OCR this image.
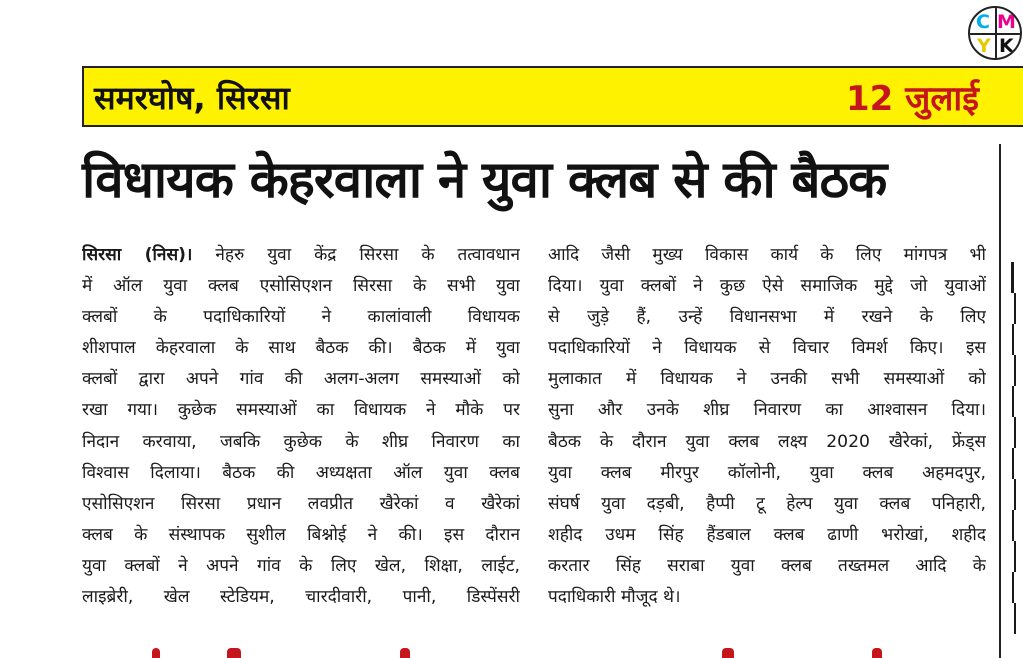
C M
Y K
समरघोष, सिरसा	12 जुलाई
विधायक केहरवाला ने युवा क्लब से की बैठक
सिरसा (निस)। नेहरु युवा केंद्र सिरसा के तत्वावधान
में ऑल युवा क्लब एसोसिएशन सिरसा के सभी युवा
क्लबों के पदाधिकारियों ने कालांवाली विधायक
शीशपाल केहरवाला के साथ बैठक की। बैठक में युवा
क्लबों द्वारा अपने गांव की अलग-अलग समस्याओं को
रखा गया। कुछेक समस्याओं का विधायक ने मौके पर
निदान करवाया, जबकि कुछेक के शीघ्र निवारण का
विश्वास दिलाया। बैठक की अध्यक्षता ऑल युवा क्लब
एसोसिएशन सिरसा प्रधान लवप्रीत खैरेकां व खैरेकां
क्लब के संस्थापक सुशील बिश्नोई ने की। इस दौरान
युवा क्लबों ने अपने गांव के लिए खेल, शिक्षा, लाईट,
लाइब्रेरी, खेल स्टेडियम, चारदीवारी, पानी, डिस्पेंसरी
आदि जैसी मुख्य विकास कार्य के लिए मांगपत्र भी
दिया। युवा क्लबों ने कुछ ऐसे समाजिक मुद्दे जो युवाओं
से जुड़े हैं, उन्हें विधानसभा में रखने के लिए
पदाधिकारियों ने विधायक से विचार विमर्श किए। इस
मुलाकात में विधायक ने उनकी सभी समस्याओं को
सुना और उनके शीघ्र निवारण का आश्वासन दिया।
बैठक के दौरान युवा क्लब लक्ष्य 2020 खैरेकां, फ्रेंड्स
युवा क्लब मीरपुर कॉलोनी, युवा क्लब अहमदपुर,
संघर्ष युवा दड़बी, हैप्पी टू हेल्प युवा क्लब पनिहारी,
शहीद उधम सिंह हैंडबाल क्लब ढाणी भरोखां, शहीद
करतार सिंह सराबा युवा क्लब तख्तमल आदि के
पदाधिकारी मौजूद थे।
